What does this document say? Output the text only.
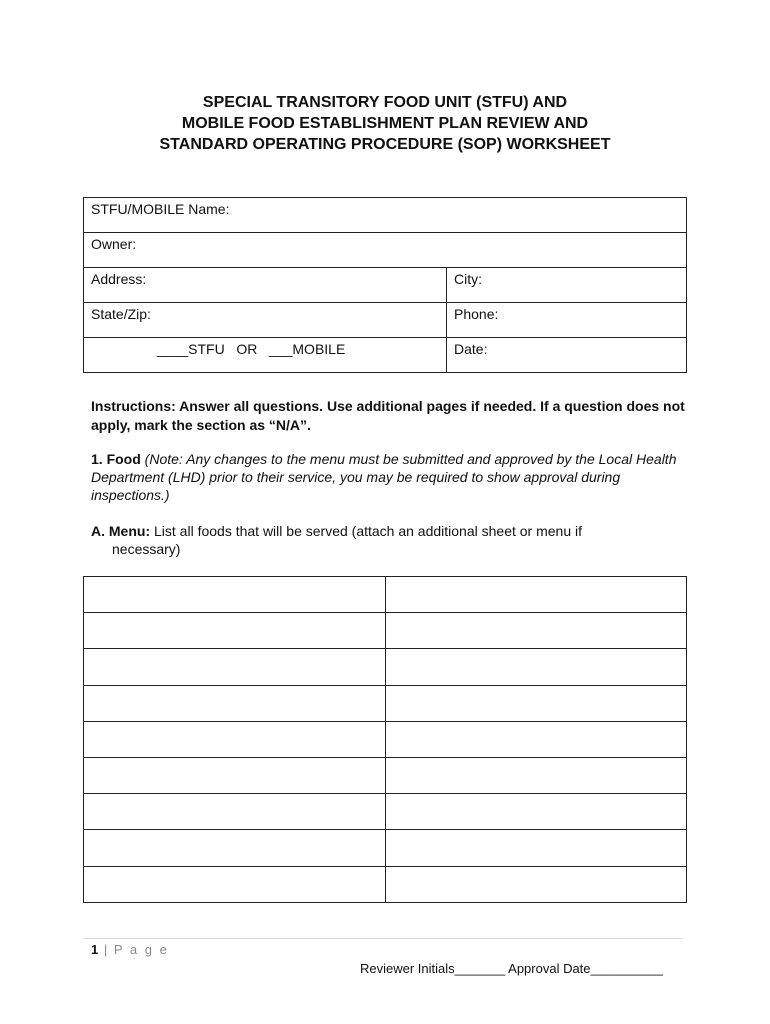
SPECIAL TRANSITORY FOOD UNIT (STFU) AND
MOBILE FOOD ESTABLISHMENT PLAN REVIEW AND
STANDARD OPERATING PROCEDURE (SOP) WORKSHEET
STFU/MOBILE Name:	
Owner:	
Address:	City:
State/Zip:	Phone:
____STFU   OR   ___MOBILE	Date:
Instructions: Answer all questions. Use additional pages if needed. If a question does not apply, mark the section as “N/A”.
1. Food (Note: Any changes to the menu must be submitted and approved by the Local Health Department (LHD) prior to their service, you may be required to show approval during inspections.)
A. Menu: List all foods that will be served (attach an additional sheet or menu if
necessary)

1 | P a g e
Reviewer Initials_______ Approval Date__________
